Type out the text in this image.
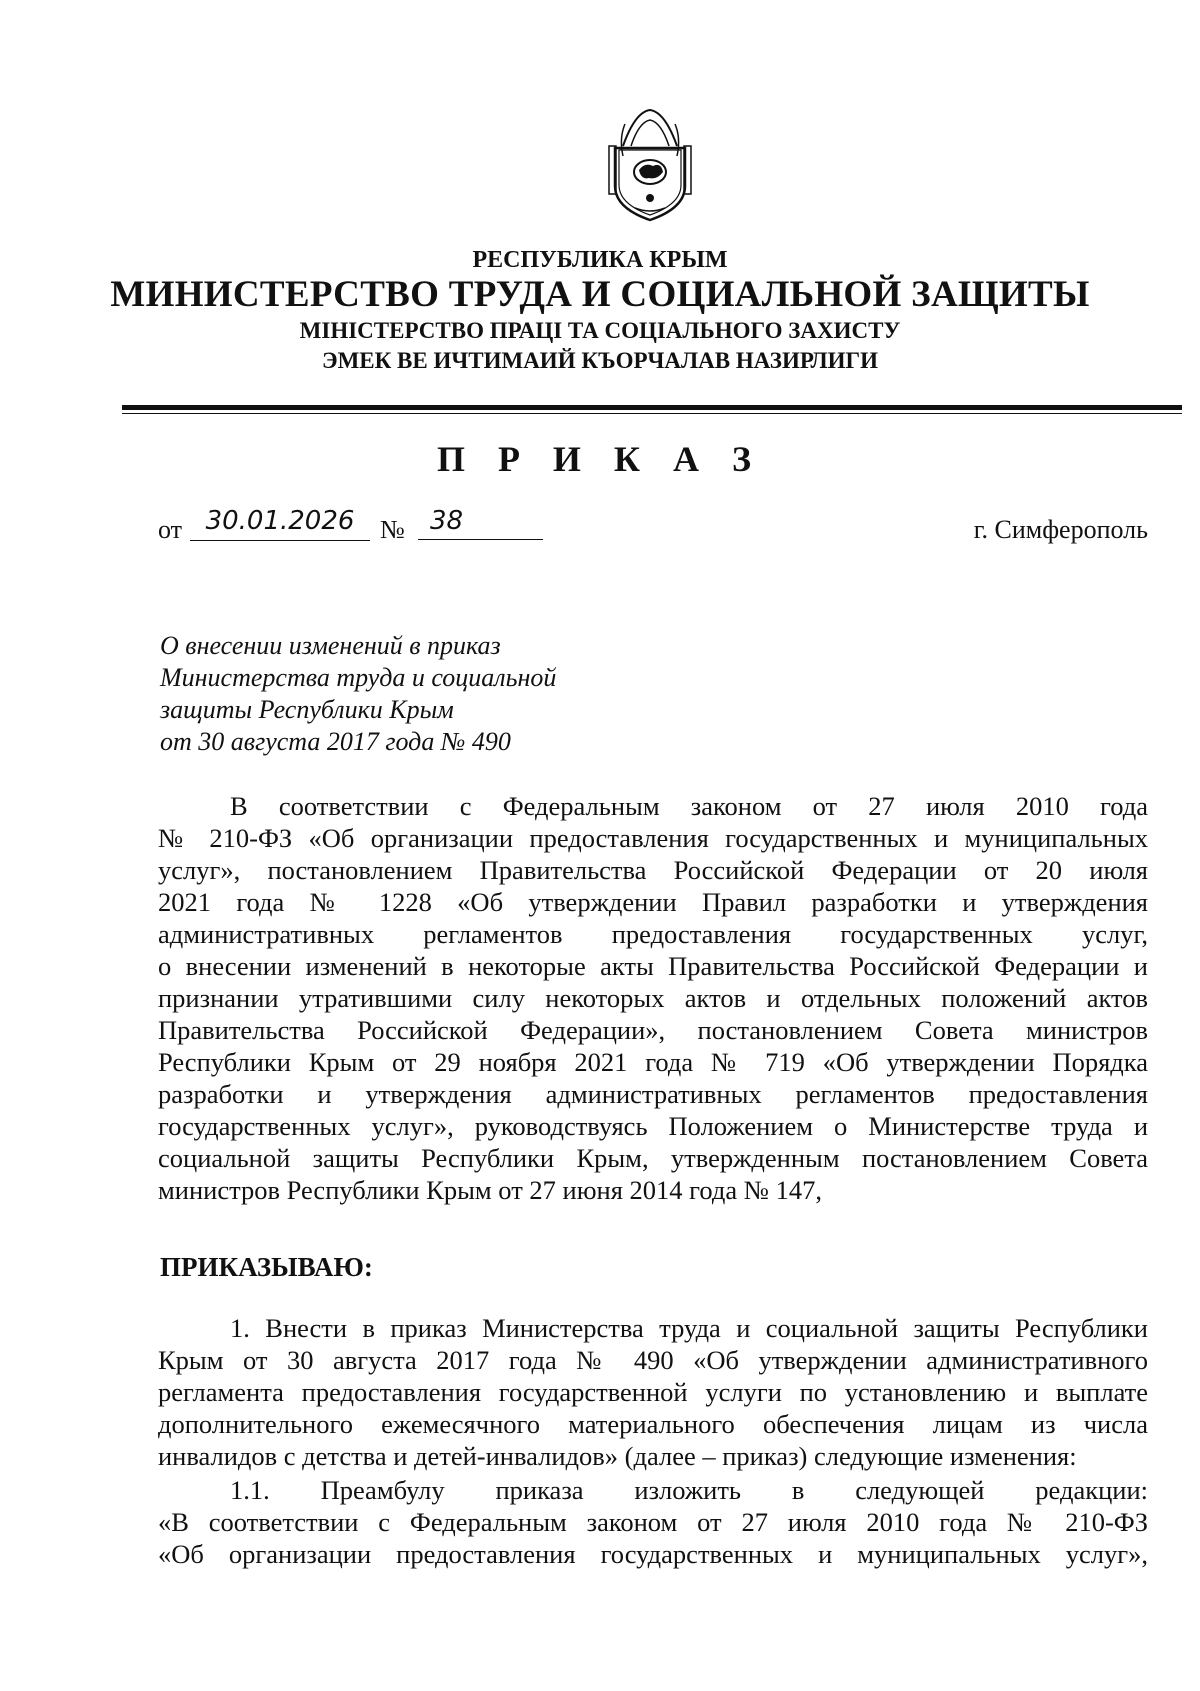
РЕСПУБЛИКА КРЫМ
МИНИСТЕРСТВО ТРУДА И СОЦИАЛЬНОЙ ЗАЩИТЫ
МІНІСТЕРСТВО ПРАЦІ ТА СОЦІАЛЬНОГО ЗАХИСТУ
ЭМЕК ВЕ ИЧТИМАИЙ КЪОРЧАЛАВ НАЗИРЛИГИ
П Р И К А З
от 30.01.2026 № 38	г. Симферополь
О внесении изменений в приказ
Министерства труда и социальной
защиты Республики Крым
от 30 августа 2017 года № 490
В соответствии с Федеральным законом от 27 июля 2010 года
№ 210-ФЗ «Об организации предоставления государственных и муниципальных
услуг», постановлением Правительства Российской Федерации от 20 июля
2021 года № 1228 «Об утверждении Правил разработки и утверждения
административных регламентов предоставления государственных услуг,
о внесении изменений в некоторые акты Правительства Российской Федерации и
признании утратившими силу некоторых актов и отдельных положений актов
Правительства Российской Федерации», постановлением Совета министров
Республики Крым от 29 ноября 2021 года № 719 «Об утверждении Порядка
разработки и утверждения административных регламентов предоставления
государственных услуг», руководствуясь Положением о Министерстве труда и
социальной защиты Республики Крым, утвержденным постановлением Совета
министров Республики Крым от 27 июня 2014 года № 147,
ПРИКАЗЫВАЮ:
1. Внести в приказ Министерства труда и социальной защиты Республики
Крым от 30 августа 2017 года № 490 «Об утверждении административного
регламента предоставления государственной услуги по установлению и выплате
дополнительного ежемесячного материального обеспечения лицам из числа
инвалидов с детства и детей-инвалидов» (далее – приказ) следующие изменения:
1.1. Преамбулу приказа изложить в следующей редакции:
«В соответствии с Федеральным законом от 27 июля 2010 года № 210-ФЗ
«Об организации предоставления государственных и муниципальных услуг»,
